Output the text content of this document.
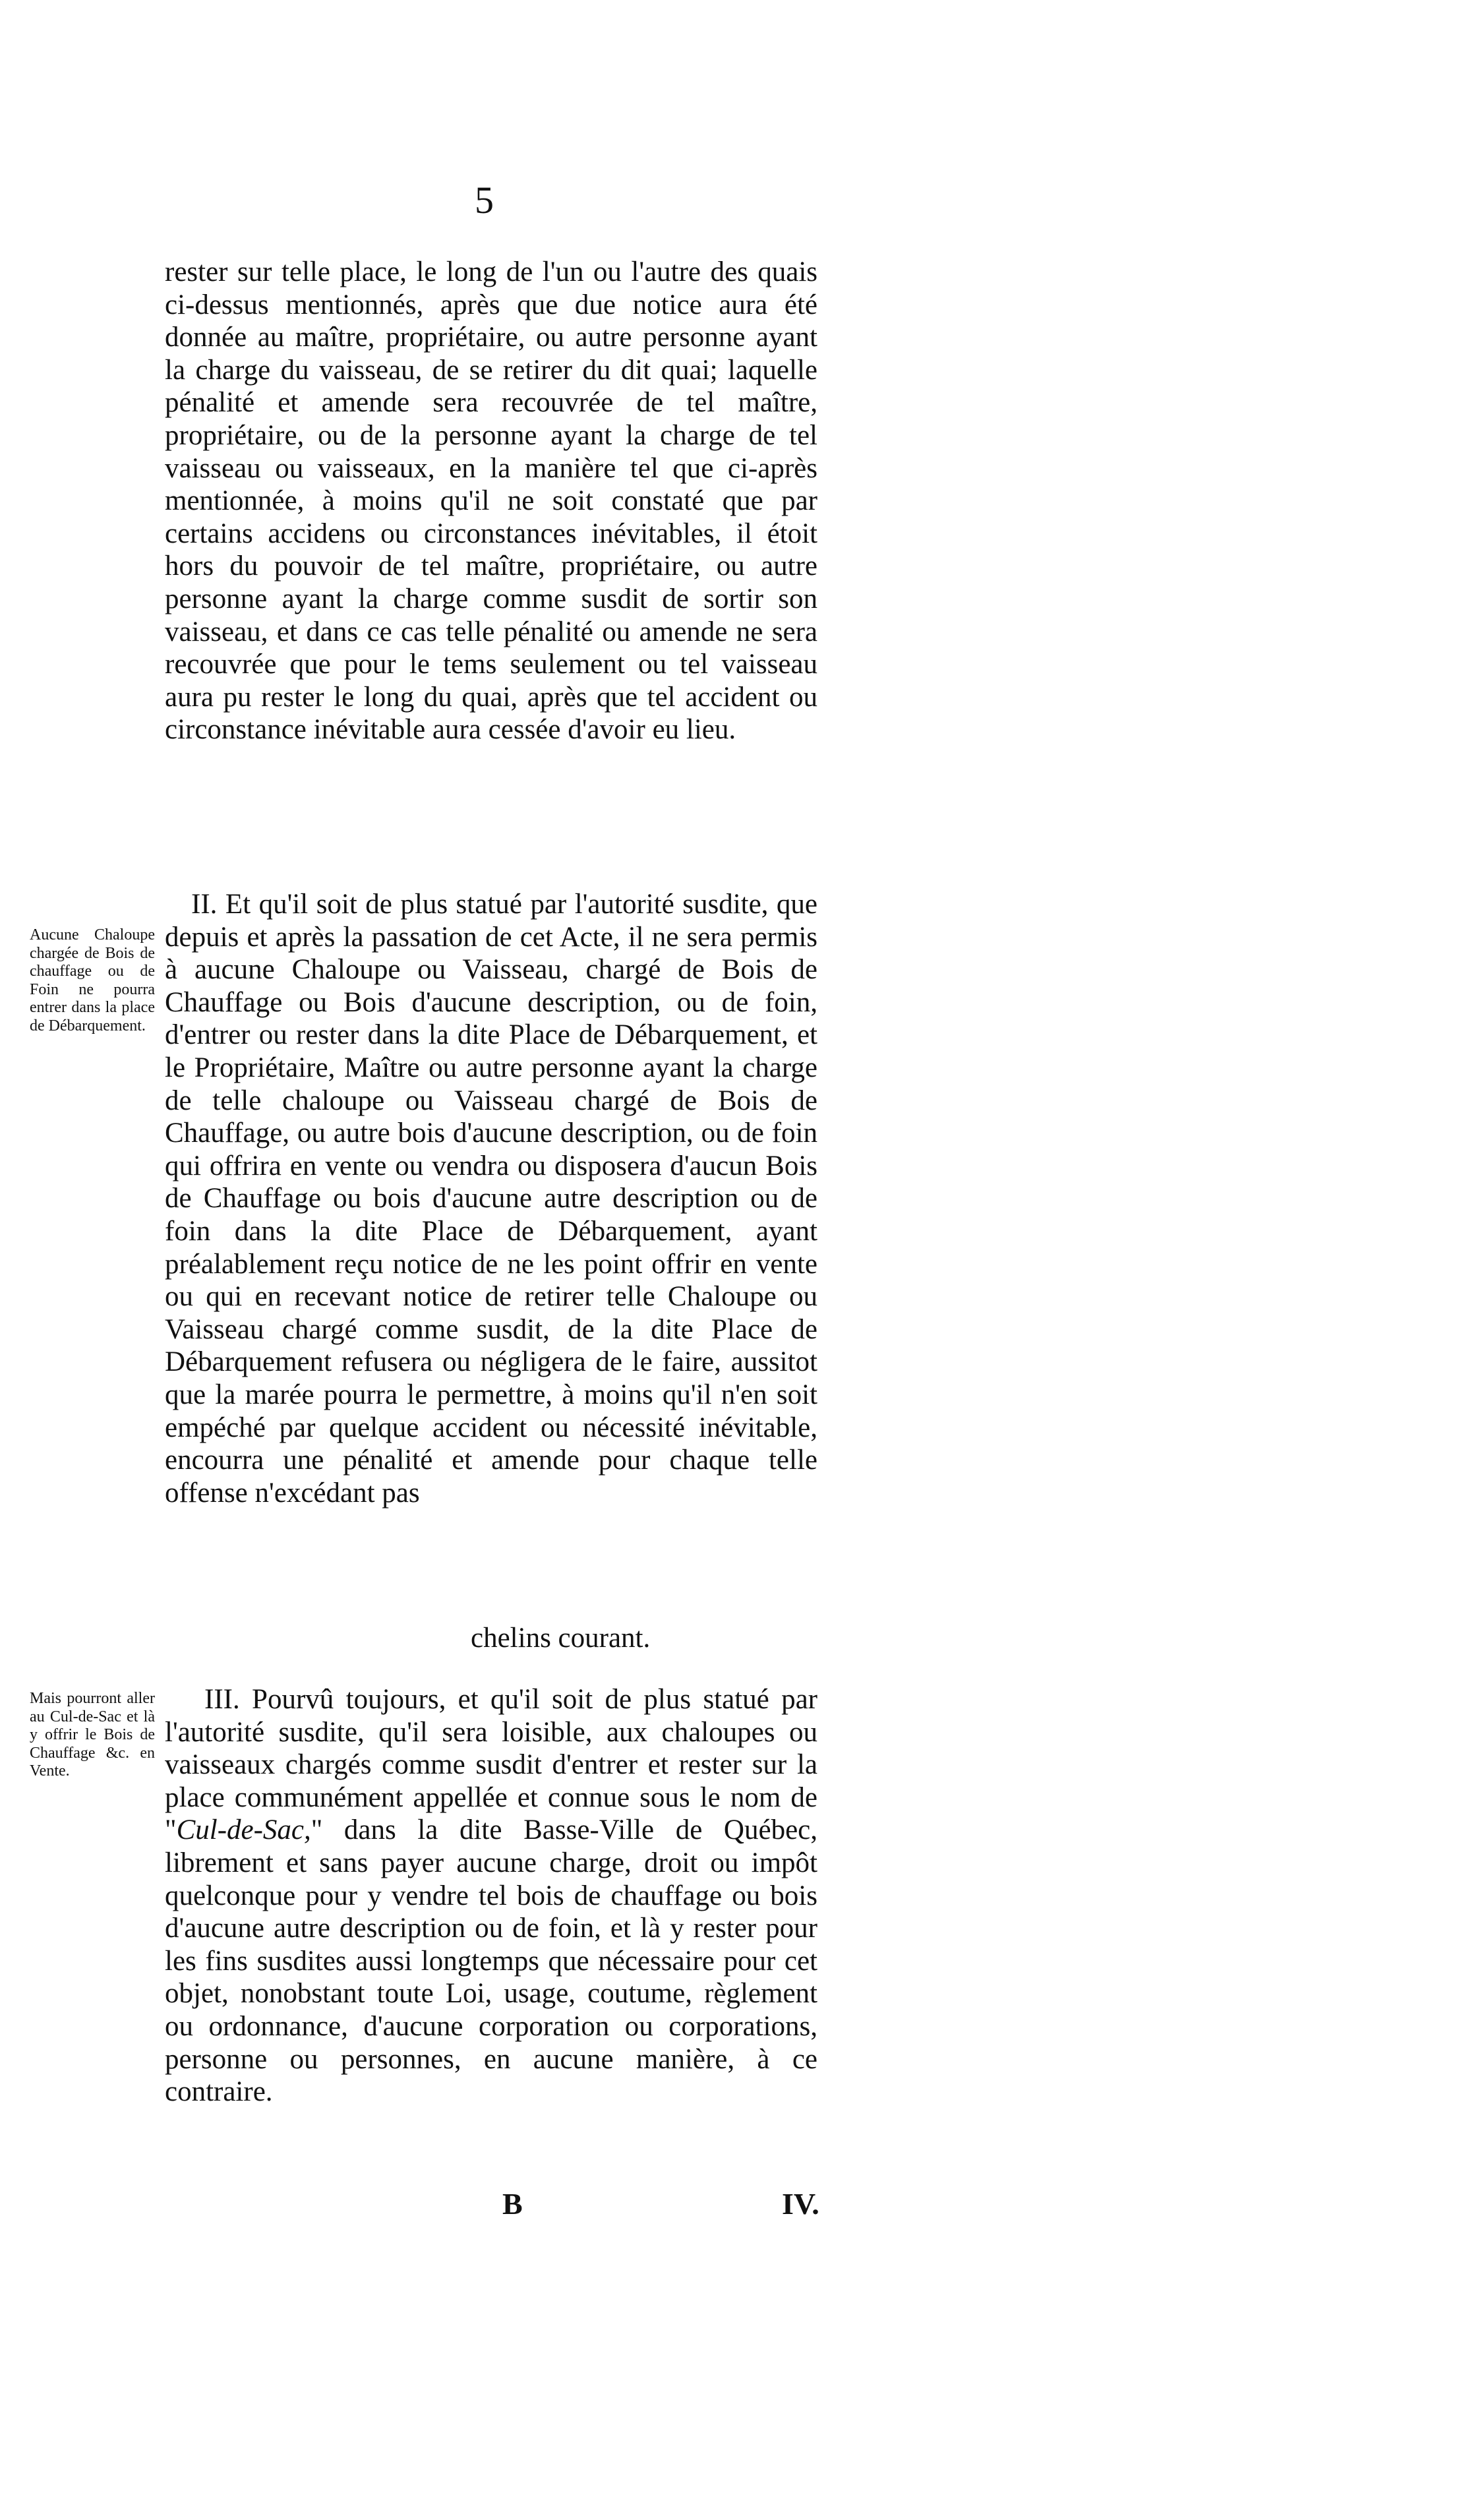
5

rester sur telle place, le long de l'un ou l'autre des quais ci-dessus mentionnés, après que due notice aura été donnée au maître, propriétaire, ou autre personne ayant la charge du vaisseau, de se retirer du dit quai; laquelle pénalité et amende sera recouvrée de tel maître, propriétaire, ou de la personne ayant la charge de tel vaisseau ou vaisseaux, en la manière tel que ci-après mentionnée, à moins qu'il ne soit constaté que par certains accidens ou circonstances inévitables, il étoit hors du pouvoir de tel maître, propriétaire, ou autre personne ayant la charge comme susdit de sortir son vaisseau, et dans ce cas telle pénalité ou amende ne sera recouvrée que pour le tems seulement ou tel vaisseau aura pu rester le long du quai, après que tel accident ou circonstance inévitable aura cessée d'avoir eu lieu.

Aucune Chaloupe chargée de Bois de chauffage ou de Foin ne pourra entrer dans la place de Débarquement.

II. Et qu'il soit de plus statué par l'autorité susdite, que depuis et après la passation de cet Acte, il ne sera permis à aucune Chaloupe ou Vaisseau, chargé de Bois de Chauffage ou Bois d'aucune description, ou de foin, d'entrer ou rester dans la dite Place de Débarquement, et le Propriétaire, Maître ou autre personne ayant la charge de telle chaloupe ou Vaisseau chargé de Bois de Chauffage, ou autre bois d'aucune description, ou de foin qui offrira en vente ou vendra ou disposera d'aucun Bois de Chauffage ou bois d'aucune autre description ou de foin dans la dite Place de Débarquement, ayant préalablement reçu notice de ne les point offrir en vente ou qui en recevant notice de retirer telle Chaloupe ou Vaisseau chargé comme susdit, de la dite Place de Débarquement refusera ou négligera de le faire, aussitot que la marée pourra le permettre, à moins qu'il n'en soit empéché par quelque accident ou nécessité inévitable, encourra une pénalité et amende pour chaque telle offense n'excédant pas

chelins courant.

Mais pourront aller au Cul-de-Sac et là y offrir le Bois de Chauffage &c. en Vente.

III. Pourvû toujours, et qu'il soit de plus statué par l'autorité susdite, qu'il sera loisible, aux chaloupes ou vaisseaux chargés comme susdit d'entrer et rester sur la place communément appellée et connue sous le nom de "Cul-de-Sac," dans la dite Basse-Ville de Québec, librement et sans payer aucune charge, droit ou impôt quelconque pour y vendre tel bois de chauffage ou bois d'aucune autre description ou de foin, et là y rester pour les fins susdites aussi longtemps que nécessaire pour cet objet, nonobstant toute Loi, usage, coutume, règlement ou ordonnance, d'aucune corporation ou corporations, personne ou personnes, en aucune manière, à ce contraire.

B	IV.
